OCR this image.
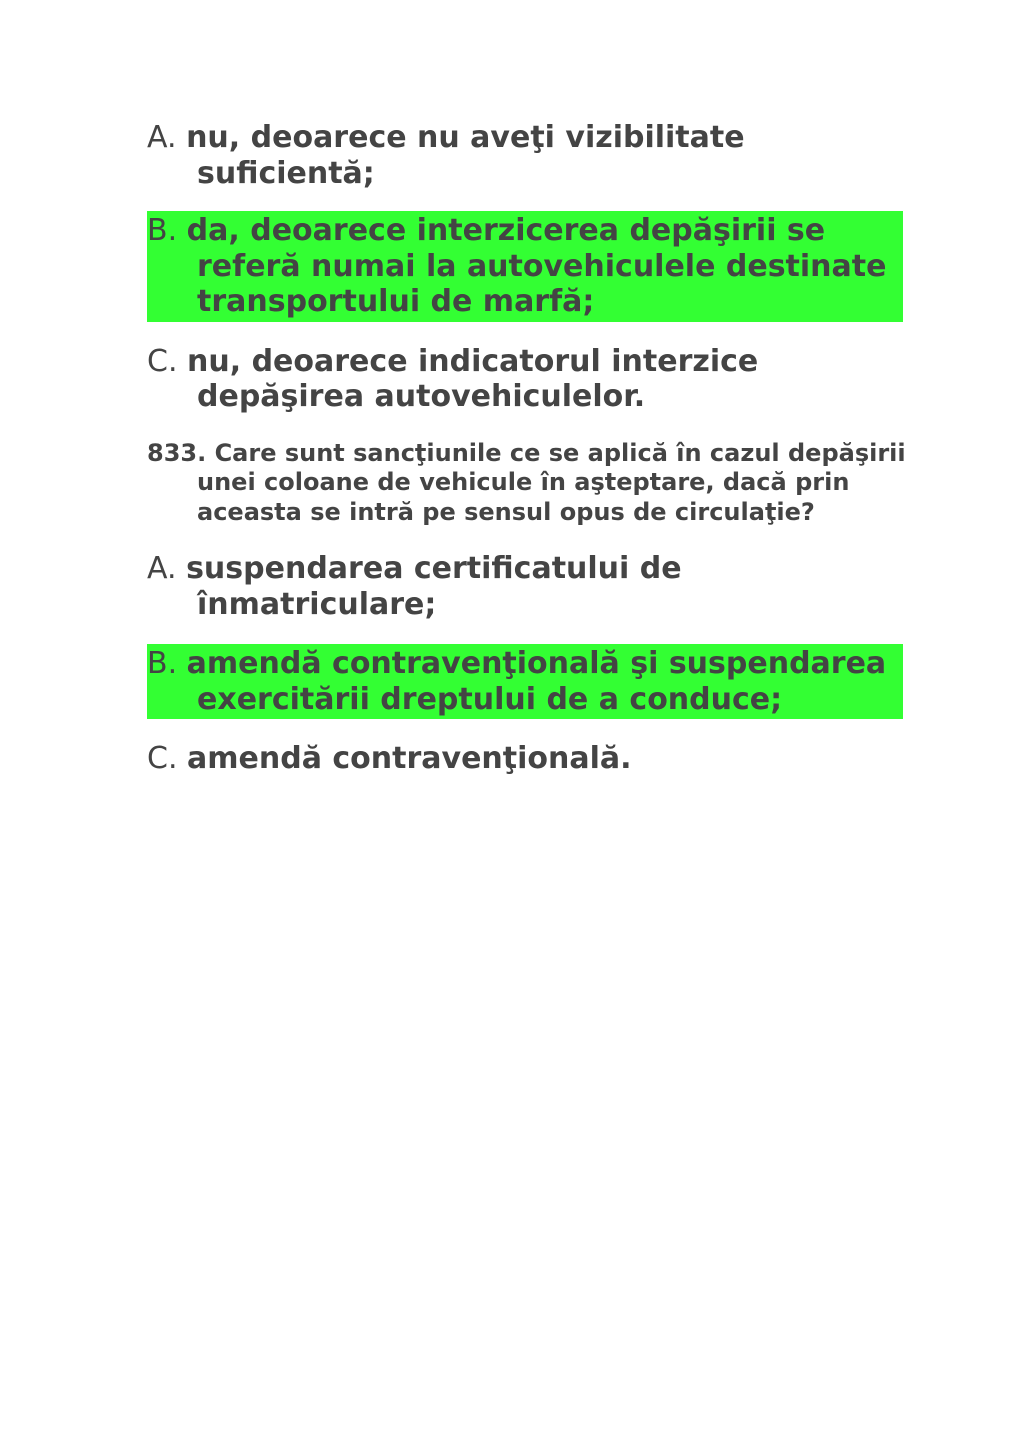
A. nu, deoarece nu aveţi vizibilitate suficientă;
B. da, deoarece interzicerea depăşirii se referă numai la autovehiculele destinate transportului de marfă;
C. nu, deoarece indicatorul interzice depăşirea autovehiculelor.
833. Care sunt sancţiunile ce se aplică în cazul depăşirii unei coloane de vehicule în aşteptare, dacă prin aceasta se intră pe sensul opus de circulaţie?
A. suspendarea certificatului de înmatriculare;
B. amendă contravenţională şi suspendarea exercitării dreptului de a conduce;
C. amendă contravenţională.
